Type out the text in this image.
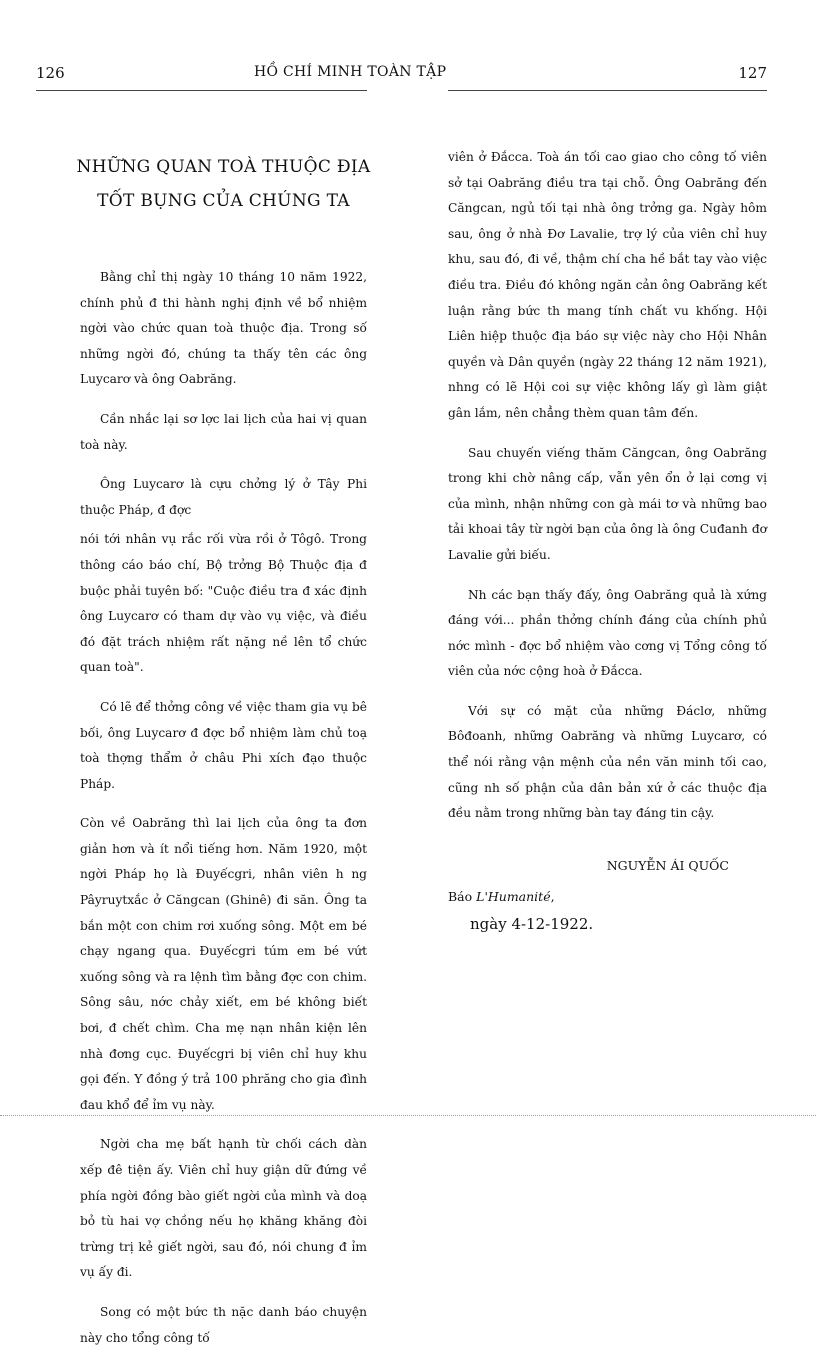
126	HỒ CHÍ MINH TOÀN TẬP	127
NHỮNG QUAN TOÀ THUỘC ĐỊA
TỐT BỤNG CỦA CHÚNG TA

Bằng chỉ thị ngày 10 tháng 10 năm 1922, chính phủ đ thi hành nghị định về bổ nhiệm ngời vào chức quan toà thuộc địa. Trong số những ngời đó, chúng ta thấy tên các ông Luycarơ và ông Oabrăng.

Cần nhắc lại sơ lợc lai lịch của hai vị quan toà này.

Ông Luycarơ là cựu chởng lý ở Tây Phi thuộc Pháp, đ đợc

nói tới nhân vụ rắc rối vừa rồi ở Tôgô. Trong thông cáo báo chí, Bộ trởng Bộ Thuộc địa đ buộc phải tuyên bố: "Cuộc điều tra đ xác định ông Luycarơ có tham dự vào vụ việc, và điều đó đặt trách nhiệm rất nặng nề lên tổ chức quan toà".

Có lẽ để thởng công về việc tham gia vụ bê bối, ông Luycarơ đ đợc bổ nhiệm làm chủ toạ toà thợng thẩm ở châu Phi xích đạo thuộc Pháp.

Còn về Oabrăng thì lai lịch của ông ta đơn giản hơn và ít nổi tiếng hơn. Năm 1920, một ngời Pháp họ là Đuyếcgri, nhân viên h ng Pâyruytxắc ở Căngcan (Ghinê) đi săn. Ông ta bắn một con chim rơi xuống sông. Một em bé chạy ngang qua. Đuyếcgri túm em bé vứt xuống sông và ra lệnh tìm bằng đợc con chim. Sông sâu, nớc chảy xiết, em bé không biết bơi, đ chết chìm. Cha mẹ nạn nhân kiện lên nhà đơng cục. Đuyếcgri bị viên chỉ huy khu gọi đến. Y đồng ý trả 100 phrăng cho gia đình đau khổ để ỉm vụ này.

Ngời cha mẹ bất hạnh từ chối cách dàn xếp đê tiện ấy. Viên chỉ huy giận dữ đứng về phía ngời đồng bào giết ngời của mình và doạ bỏ tù hai vợ chồng nếu họ khăng khăng đòi trừng trị kẻ giết ngời, sau đó, nói chung đ ỉm vụ ấy đi.

Song có một bức th nặc danh báo chuyện này cho tổng công tố

viên ở Đắcca. Toà án tối cao giao cho công tố viên sở tại Oabrăng điều tra tại chỗ. Ông Oabrăng đến Căngcan, ngủ tối tại nhà ông trởng ga. Ngày hôm sau, ông ở nhà Đơ Lavalie, trợ lý của viên chỉ huy khu, sau đó, đi về, thậm chí cha hề bắt tay vào việc điều tra. Điều đó không ngăn cản ông Oabrăng kết luận rằng bức th mang tính chất vu khống. Hội Liên hiệp thuộc địa báo sự việc này cho Hội Nhân quyền và Dân quyền (ngày 22 tháng 12 năm 1921), nhng có lẽ Hội coi sự việc không lấy gì làm giật gân lắm, nên chẳng thèm quan tâm đến.

Sau chuyến viếng thăm Căngcan, ông Oabrăng trong khi chờ nâng cấp, vẫn yên ổn ở lại cơng vị của mình, nhận những con gà mái tơ và những bao tải khoai tây từ ngời bạn của ông là ông Cuđanh đơ Lavalie gửi biếu.

Nh các bạn thấy đấy, ông Oabrăng quả là xứng đáng với... phần thởng chính đáng của chính phủ nớc mình - đợc bổ nhiệm vào cơng vị Tổng công tố viên của nớc cộng hoà ở Đắcca.

Với sự có mặt của những Đáclơ, những Bôđoanh, những Oabrăng và những Luycarơ, có thể nói rằng vận mệnh của nền văn minh tối cao, cũng nh số phận của dân bản xứ ở các thuộc địa đều nằm trong những bàn tay đáng tin cậy.

NGUYỄN ÁI QUỐC
Báo L'Humanité,
ngày 4-12-1922.
